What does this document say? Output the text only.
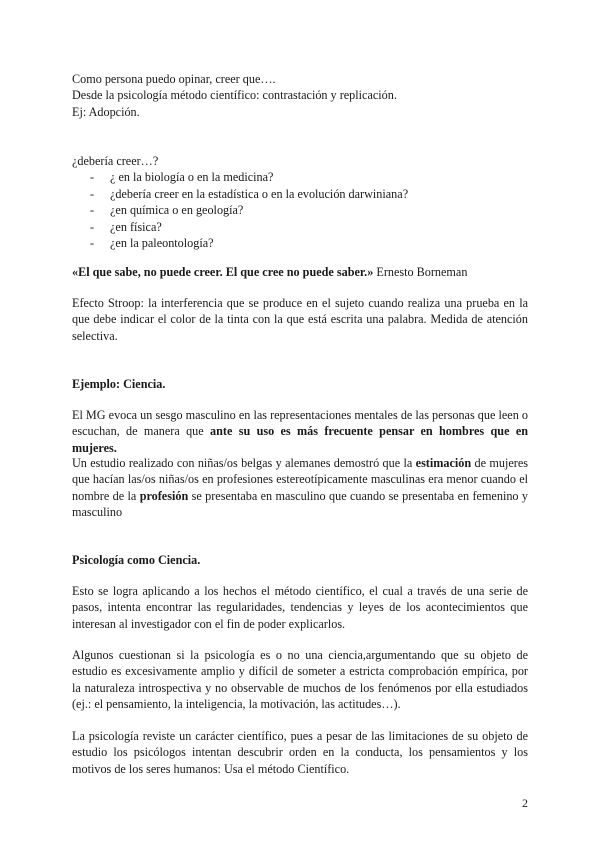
Como persona puedo opinar, creer que….
Desde la psicología método científico: contrastación y replicación.
Ej: Adopción.
¿debería creer…?
- ¿ en la biología o en la medicina?
- ¿debería creer en la estadística o en la evolución darwiniana?
- ¿en química o en geología?
- ¿en física?
- ¿en la paleontología?
«El que sabe, no puede creer. El que cree no puede saber.» Ernesto Borneman
Efecto Stroop: la interferencia que se produce en el sujeto cuando realiza una prueba en la que debe indicar el color de la tinta con la que está escrita una palabra. Medida de atención selectiva.
Ejemplo: Ciencia.
El MG evoca un sesgo masculino en las representaciones mentales de las personas que leen o escuchan, de manera que ante su uso es más frecuente pensar en hombres que en mujeres.
Un estudio realizado con niñas/os belgas y alemanes demostró que la estimación de mujeres que hacían las/os niñas/os en profesiones estereotípicamente masculinas era menor cuando el nombre de la profesión se presentaba en masculino que cuando se presentaba en femenino y masculino
Psicología como Ciencia.
Esto se logra aplicando a los hechos el método científico, el cual a través de una serie de pasos, intenta encontrar las regularidades, tendencias y leyes de los acontecimientos que interesan al investigador con el fin de poder explicarlos.
Algunos cuestionan si la psicología es o no una ciencia,argumentando que su objeto de estudio es excesivamente amplio y difícil de someter a estricta comprobación empírica, por la naturaleza introspectiva y no observable de muchos de los fenómenos por ella estudiados (ej.: el pensamiento, la inteligencia, la motivación, las actitudes…).
La psicología reviste un carácter científico, pues a pesar de las limitaciones de su objeto de estudio los psicólogos intentan descubrir orden en la conducta, los pensamientos y los motivos de los seres humanos: Usa el método Científico.
2
